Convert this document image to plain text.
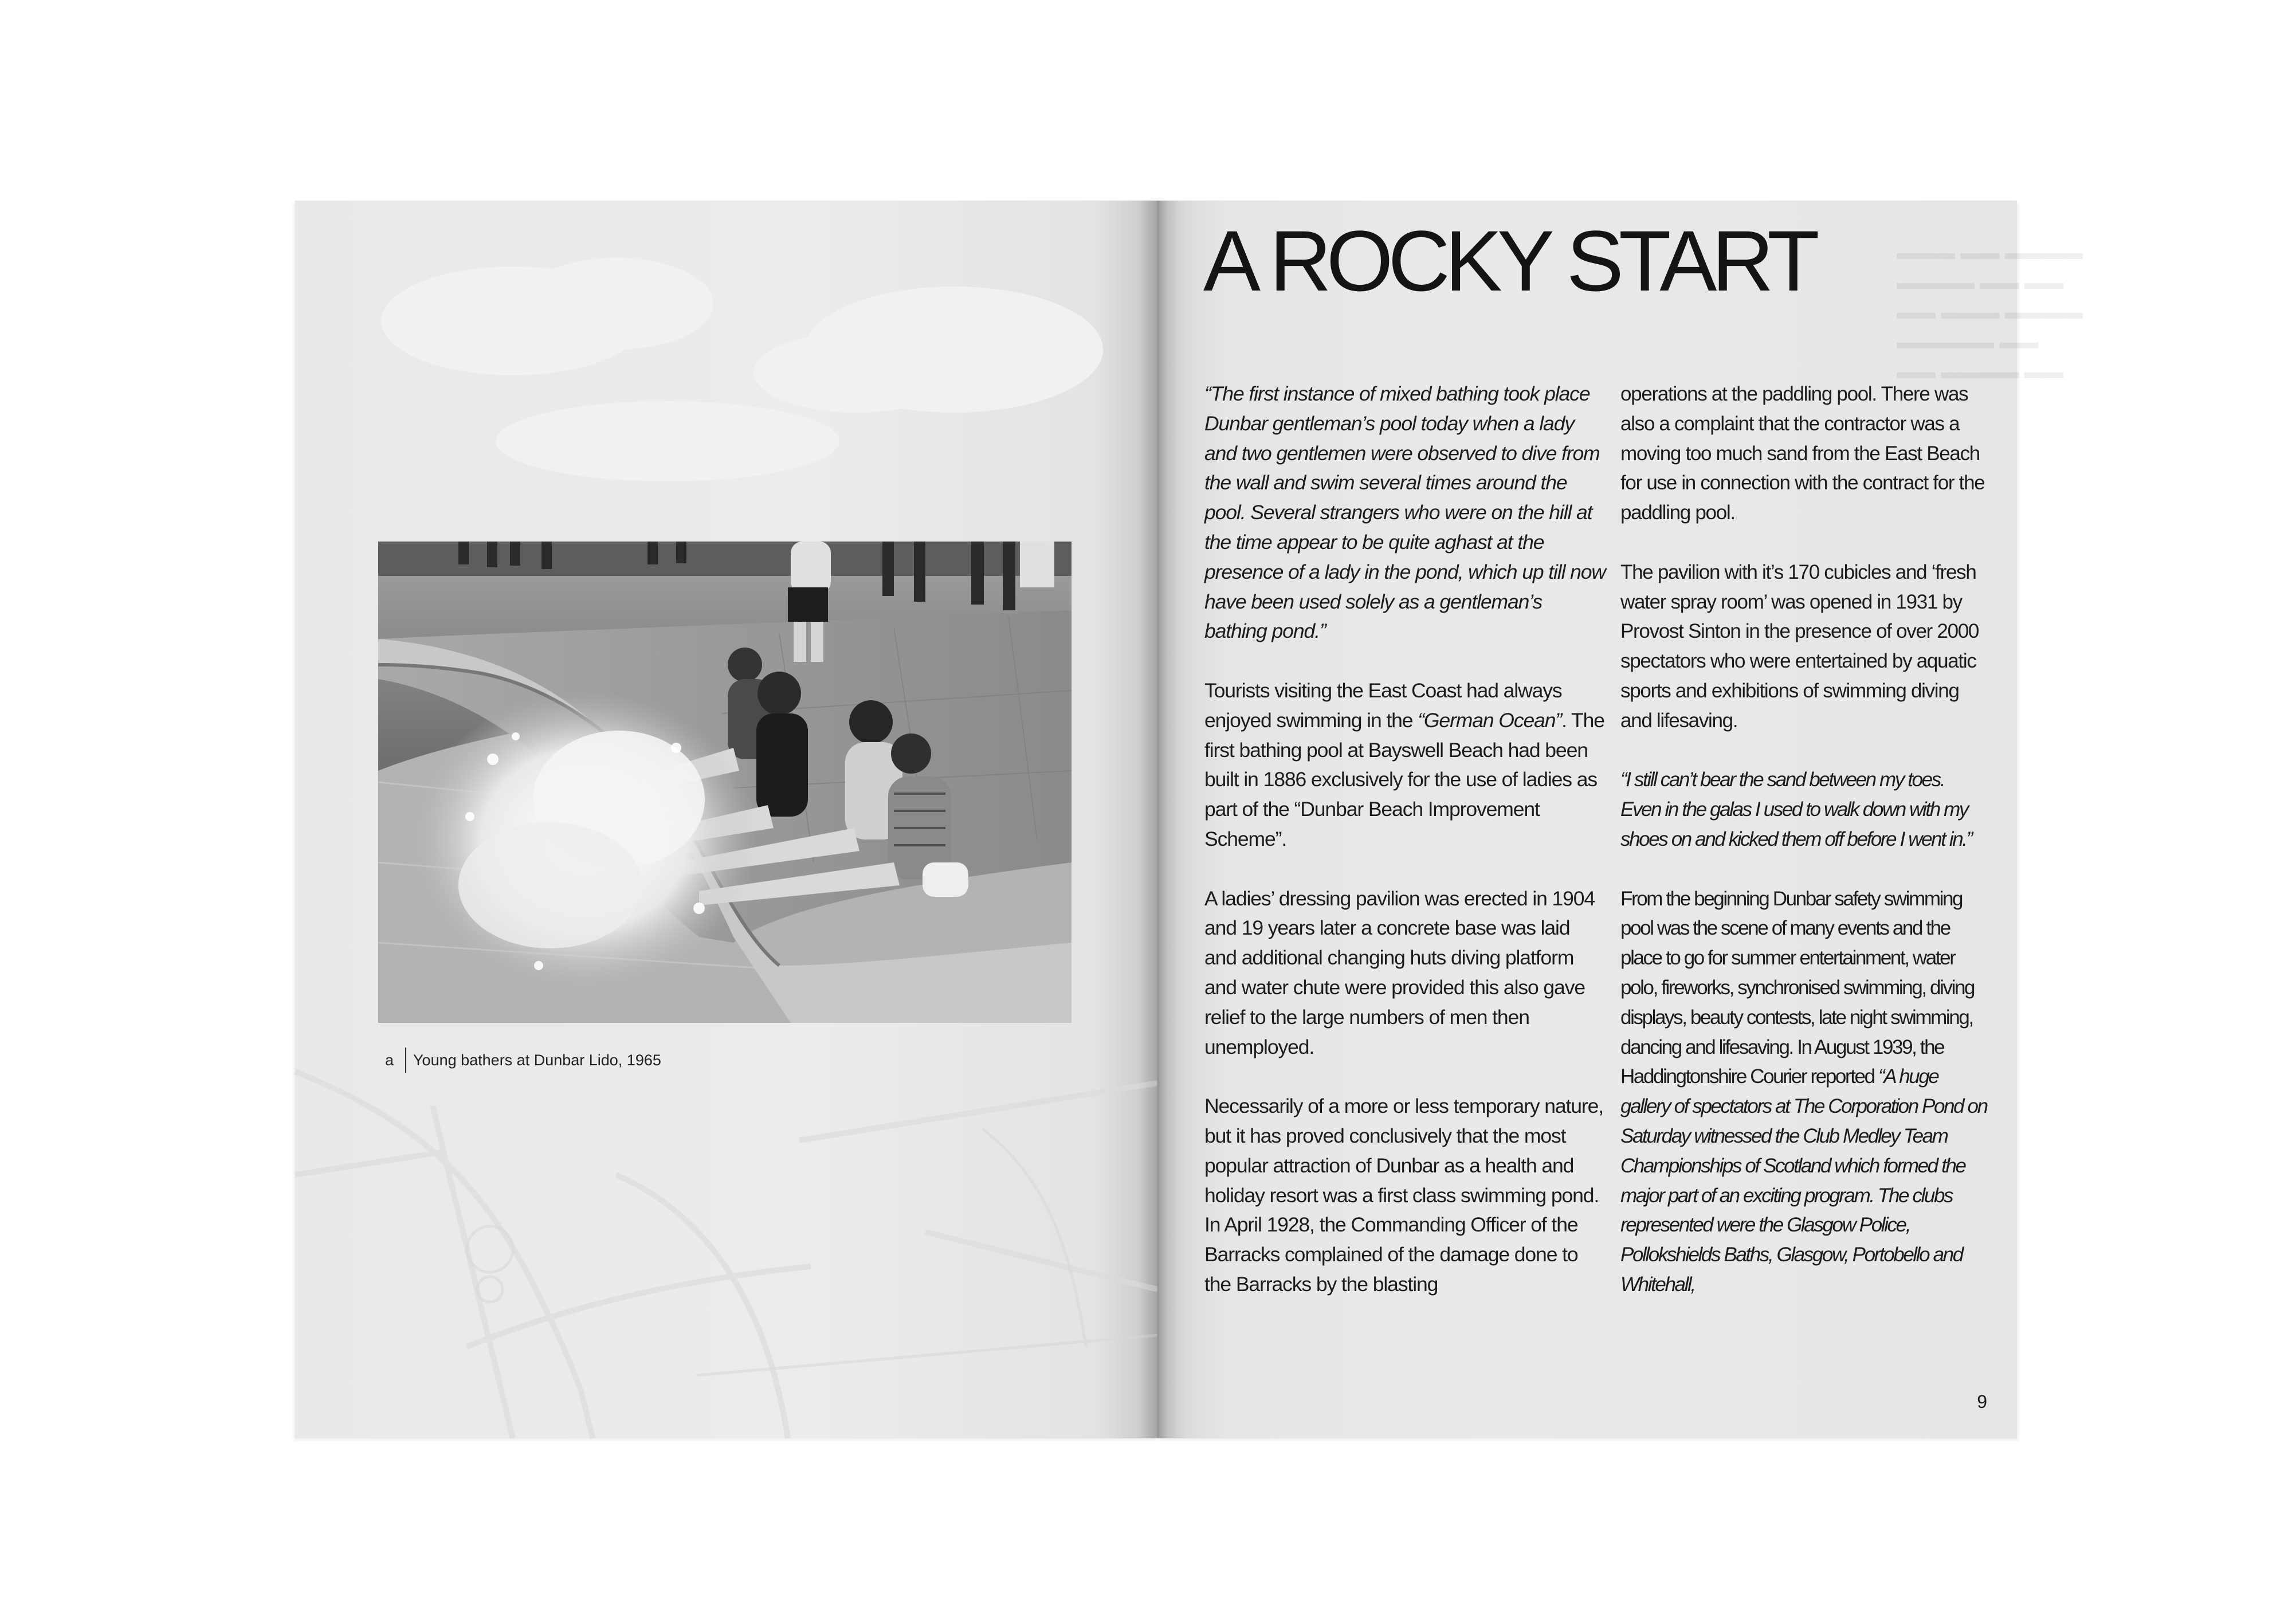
a Young bathers at Dunbar Lido, 1965
▬▬▬ ▬▬ ▬▬▬▬
▬▬▬▬ ▬▬ ▬▬
▬▬ ▬▬▬ ▬▬▬▬
▬▬▬▬▬ ▬▬
▬▬ ▬▬▬▬ ▬▬
A ROCKY START

“The first instance of mixed bathing took place Dunbar gentleman’s pool today when a lady and two gentlemen were observed to dive from the wall and swim several times around the pool. Several strangers who were on the hill at the time appear to be quite aghast at the presence of a lady in the pond, which up till now have been used solely as a gentleman’s bathing pond.”

Tourists visiting the East Coast had always enjoyed swimming in the “German Ocean”. The first bathing pool at Bayswell Beach had been built in 1886 exclusively for the use of ladies as part of the “Dunbar Beach Improvement Scheme”.

A ladies’ dressing pavilion was erected in 1904 and 19 years later a concrete base was laid and additional changing huts diving platform and water chute were provided this also gave relief to the large numbers of men then unemployed.

Necessarily of a more or less temporary nature, but it has proved conclusively that the most popular attraction of Dunbar as a health and holiday resort was a first class swimming pond. In April 1928, the Commanding Officer of the Barracks complained of the damage done to the Barracks by the blasting

operations at the paddling pool. There was also a complaint that the contractor was a moving too much sand from the East Beach for use in connection with the contract for the paddling pool.

The pavilion with it’s 170 cubicles and ‘fresh water spray room’ was opened in 1931 by Provost Sinton in the presence of over 2000 spectators who were entertained by aquatic sports and exhibitions of swimming diving and lifesaving.

“I still can’t bear the sand between my toes. Even in the galas I used to walk down with my shoes on and kicked them off before I went in.”

From the beginning Dunbar safety swimming pool was the scene of many events and the place to go for summer entertainment, water polo, fireworks, synchronised swimming, diving displays, beauty contests, late night swimming, dancing and lifesaving. In August 1939, the Haddingtonshire Courier reported “A huge gallery of spectators at The Corporation Pond on Saturday witnessed the Club Medley Team Championships of Scotland which formed the major part of an exciting program. The clubs represented were the Glasgow Police, Pollokshields Baths, Glasgow, Portobello and Whitehall,

9
